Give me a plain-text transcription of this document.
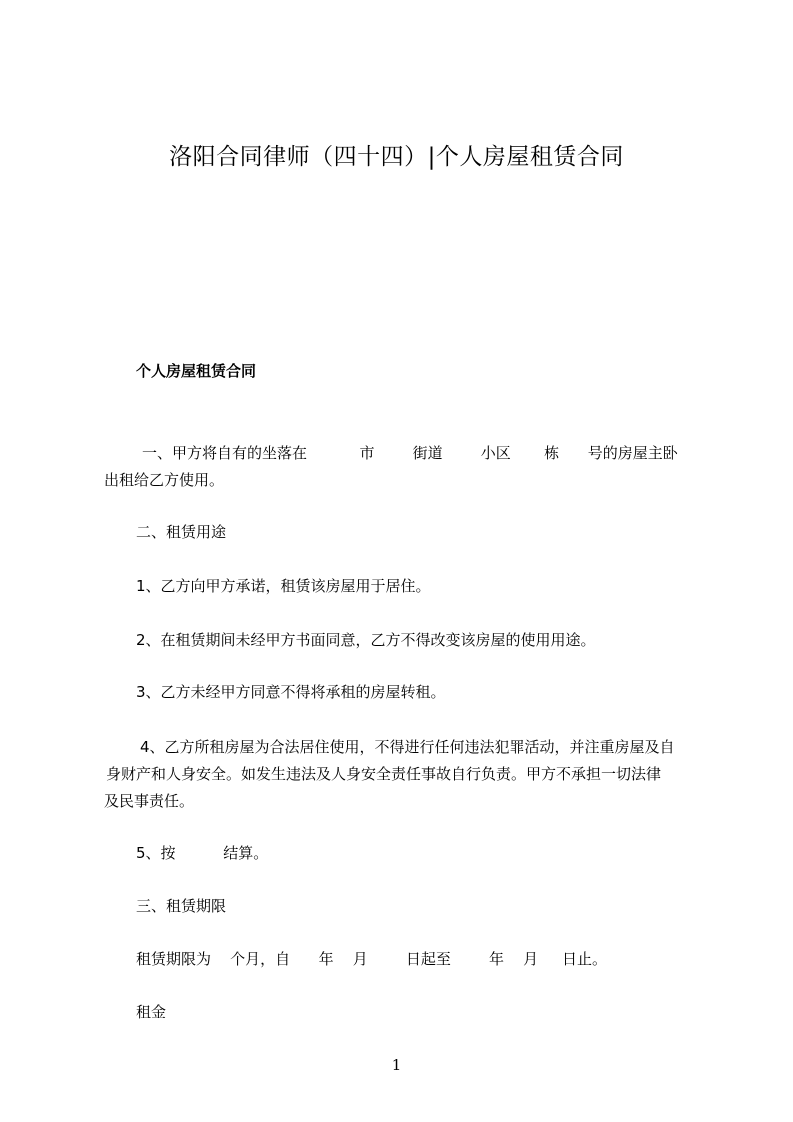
洛阳合同律师（四十四）|个人房屋租赁合同
个人房屋租赁合同
一、甲方将自有的坐落在           市        街道        小区       栋      号的房屋主卧
出租给乙方使用。
二、租赁用途
1、乙方向甲方承诺，租赁该房屋用于居住。
2、在租赁期间未经甲方书面同意，乙方不得改变该房屋的使用用途。
3、乙方未经甲方同意不得将承租的房屋转租。
4、乙方所租房屋为合法居住使用，不得进行任何违法犯罪活动，并注重房屋及自
身财产和人身安全。如发生违法及人身安全责任事故自行负责。甲方不承担一切法律
及民事责任。
5、按          结算。
三、租赁期限
租赁期限为    个月，自      年    月        日起至        年    月     日止。
租金
1
